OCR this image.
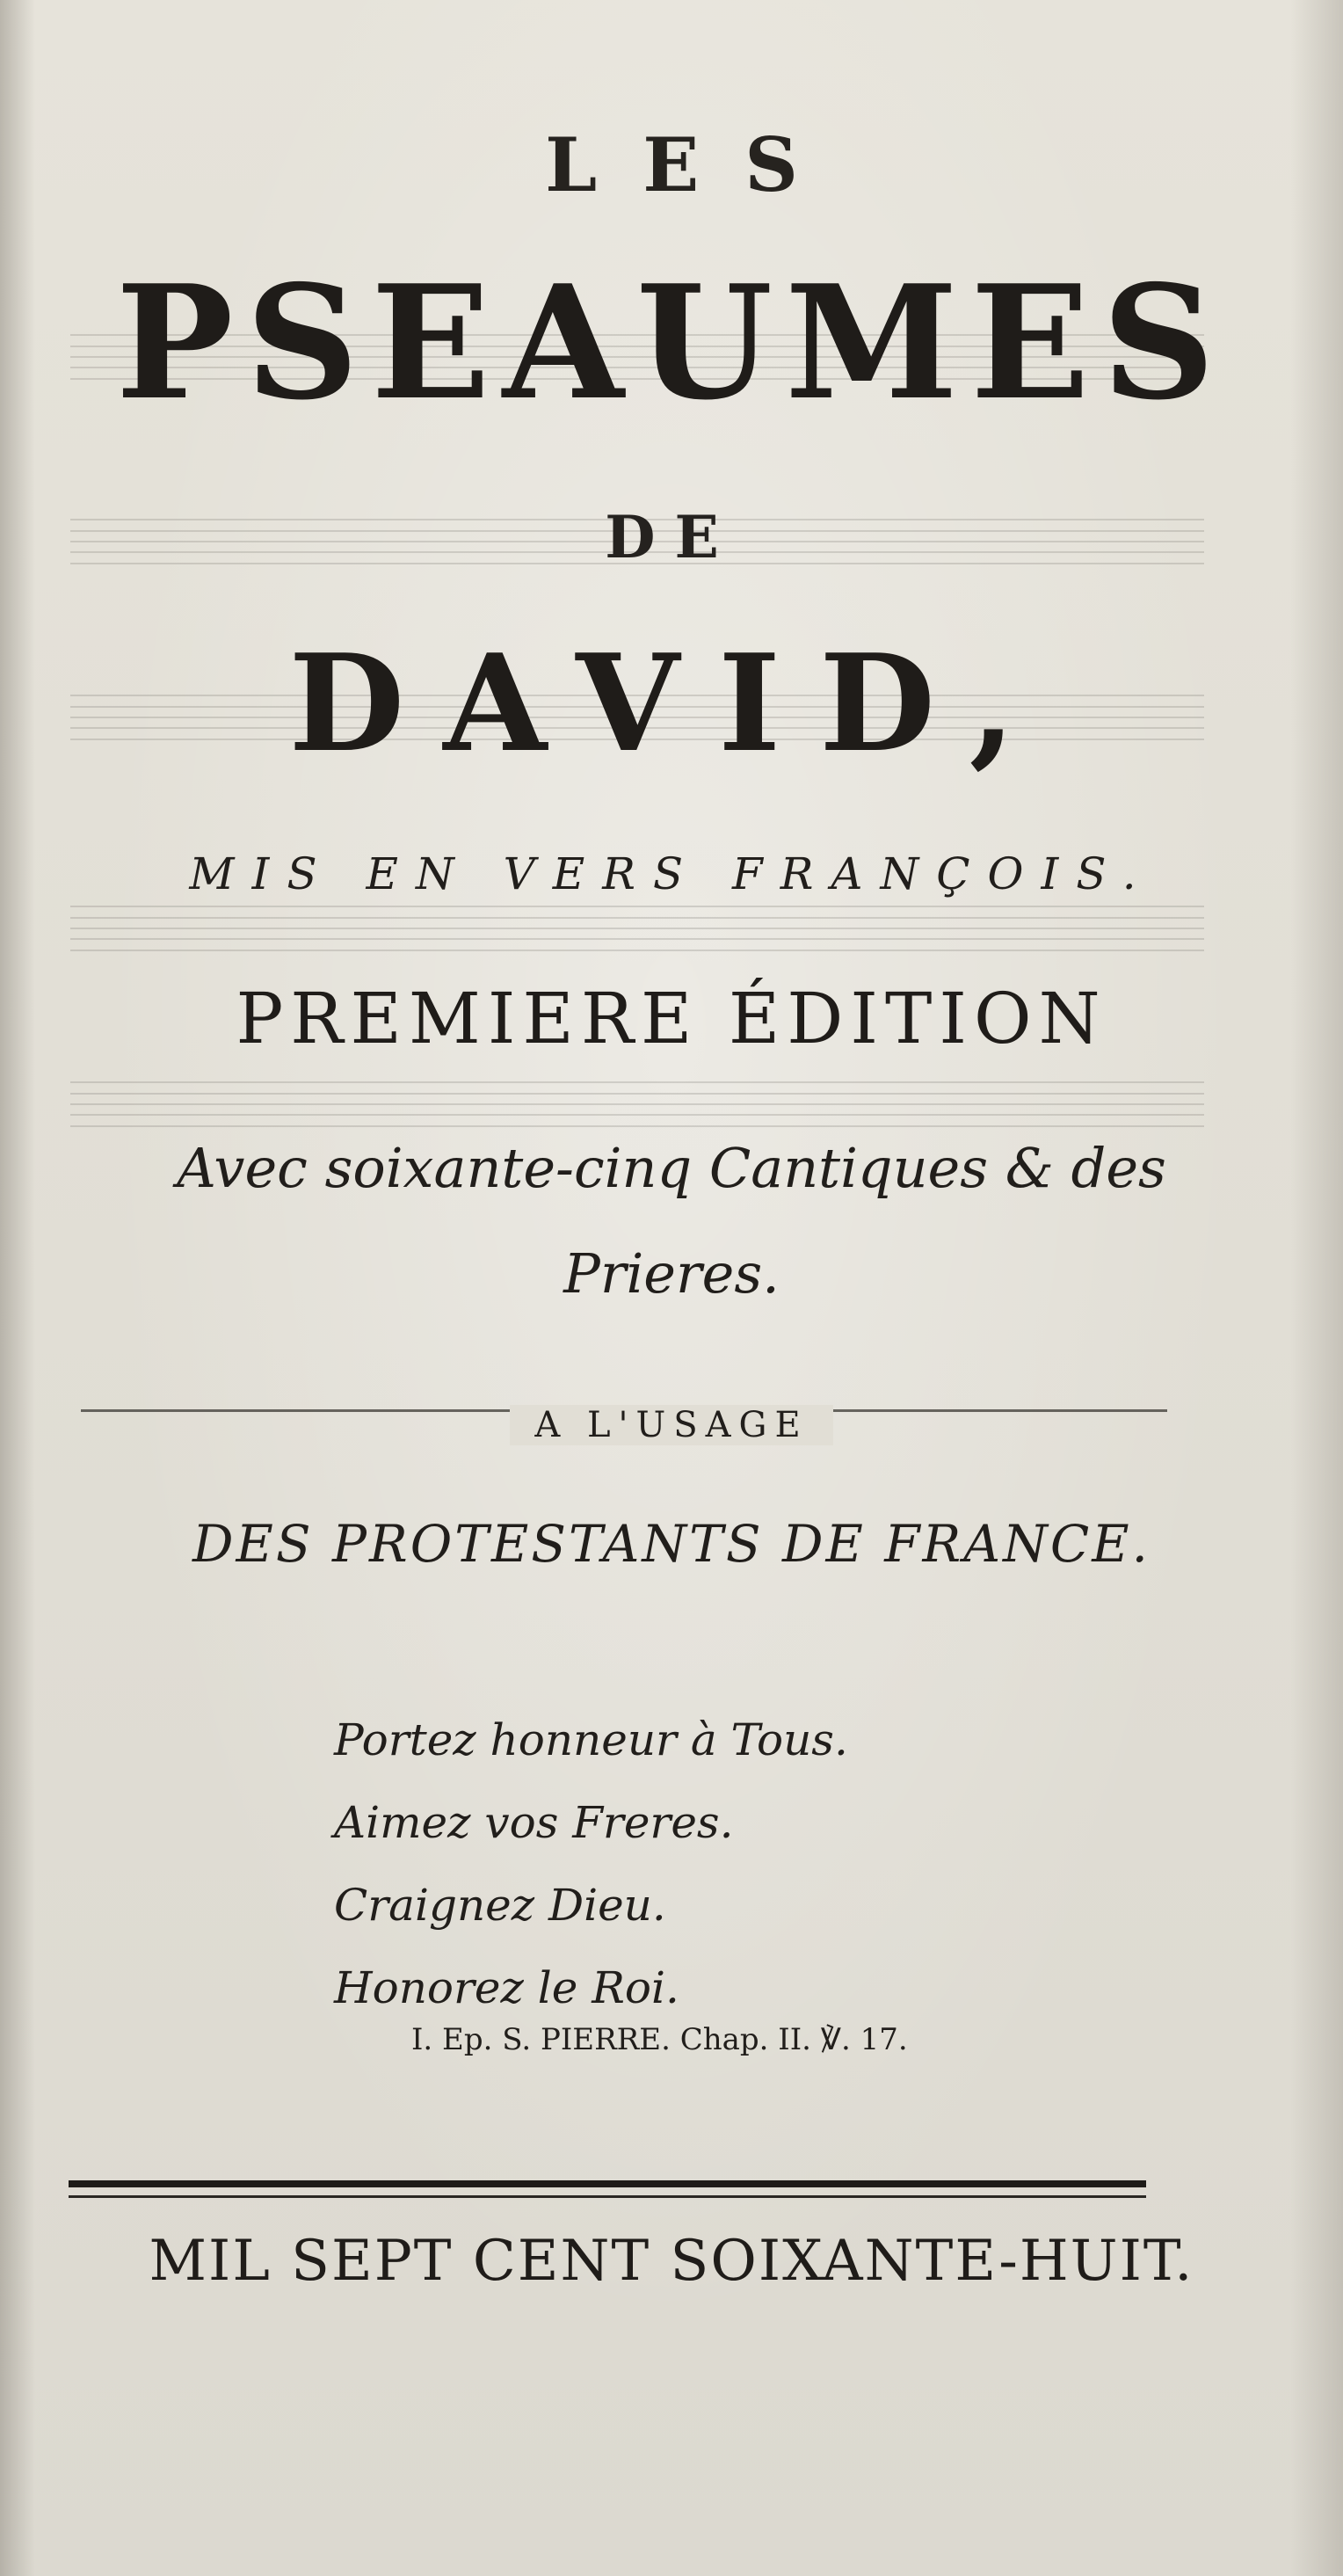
LES
PSEAUMES
DE
DAVID,
MIS EN VERS FRANÇOIS.
PREMIERE ÉDITION
Avec soixante-cinq Cantiques & des
Prieres.
A L'USAGE
DES PROTESTANTS DE FRANCE.
Portez honneur à Tous.
Aimez vos Freres.
Craignez Dieu.
Honorez le Roi.
I. Ep. S. PIERRE. Chap. II. ℣. 17.
MIL SEPT CENT SOIXANTE-HUIT.
